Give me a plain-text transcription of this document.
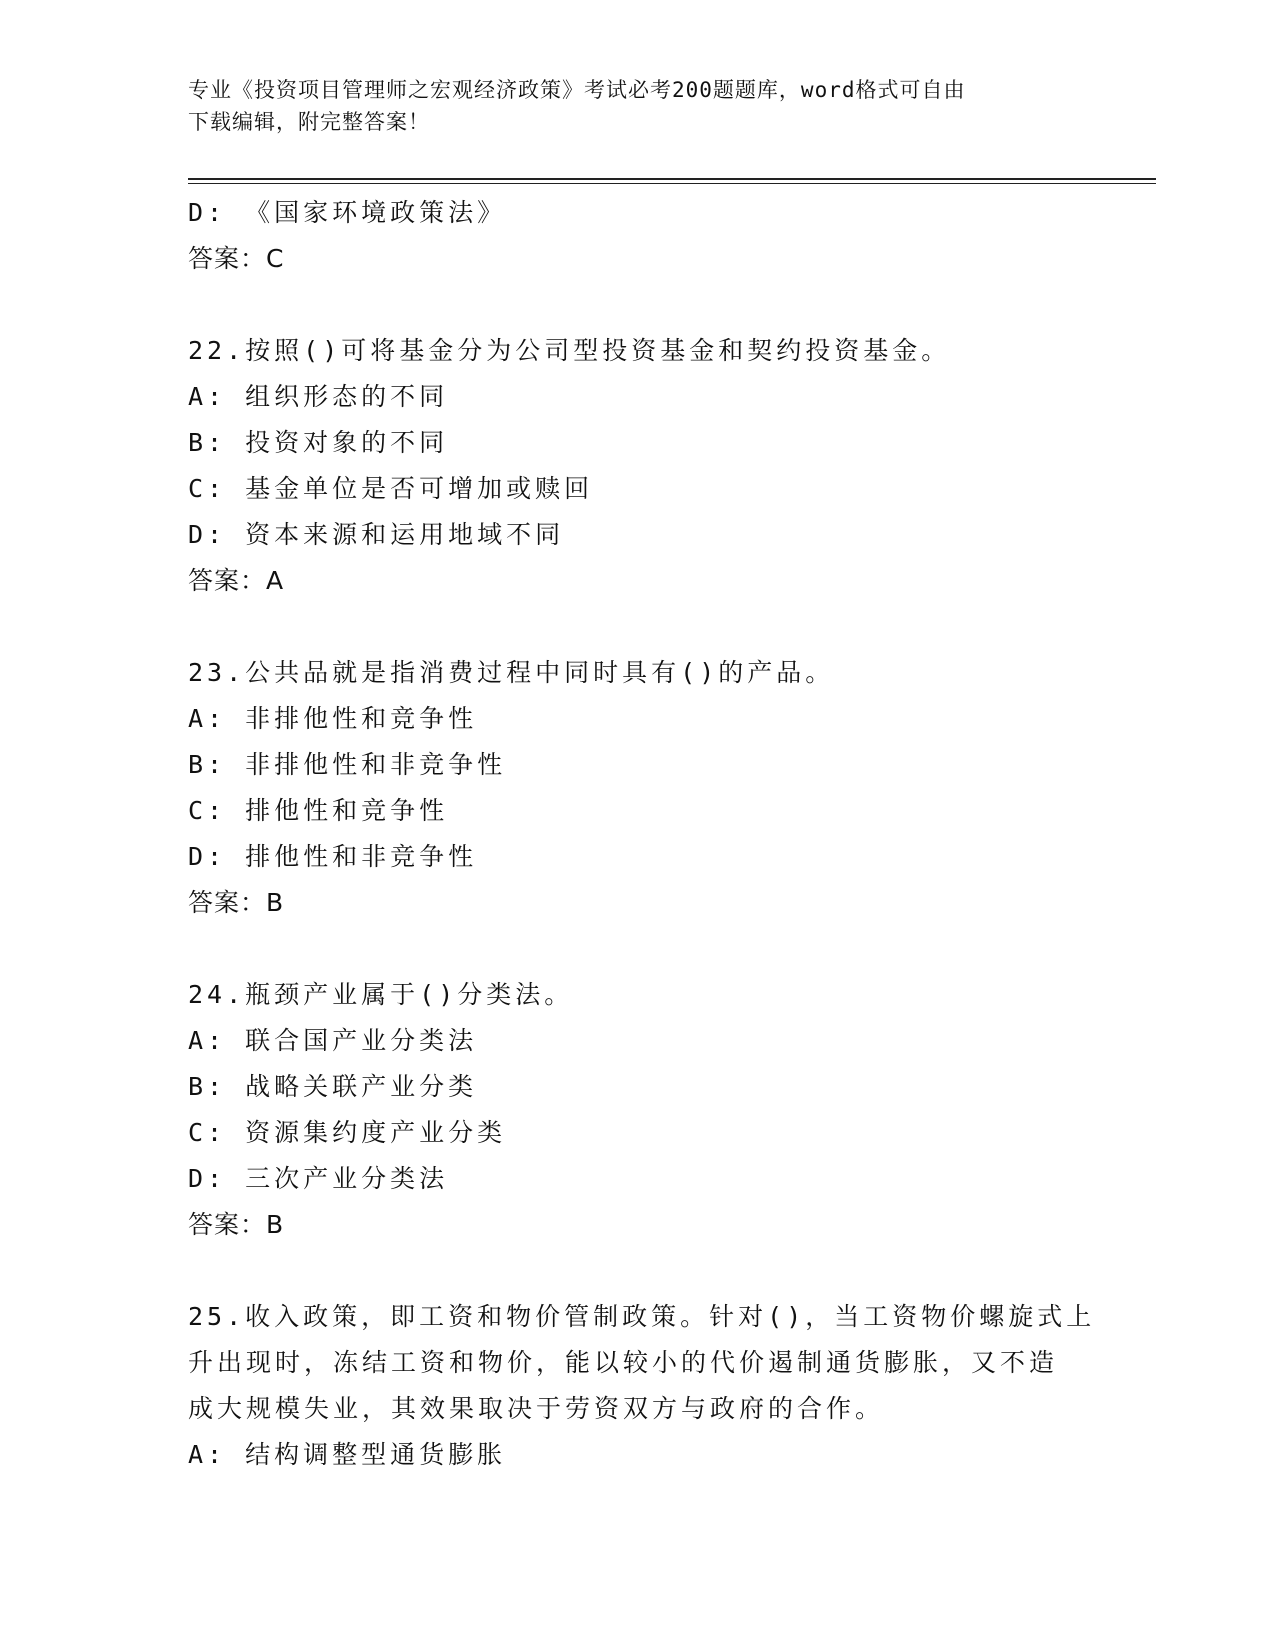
专业《投资项目管理师之宏观经济政策》考试必考200题题库，word格式可自由
下载编辑，附完整答案！
D: 《国家环境政策法》
答案：C
22.按照()可将基金分为公司型投资基金和契约投资基金。
A: 组织形态的不同
B: 投资对象的不同
C: 基金单位是否可增加或赎回
D: 资本来源和运用地域不同
答案：A
23.公共品就是指消费过程中同时具有()的产品。
A: 非排他性和竞争性
B: 非排他性和非竞争性
C: 排他性和竞争性
D: 排他性和非竞争性
答案：B
24.瓶颈产业属于()分类法。
A: 联合国产业分类法
B: 战略关联产业分类
C: 资源集约度产业分类
D: 三次产业分类法
答案：B
25.收入政策，即工资和物价管制政策。针对()，当工资物价螺旋式上
升出现时，冻结工资和物价，能以较小的代价遏制通货膨胀，又不造
成大规模失业，其效果取决于劳资双方与政府的合作。
A: 结构调整型通货膨胀
